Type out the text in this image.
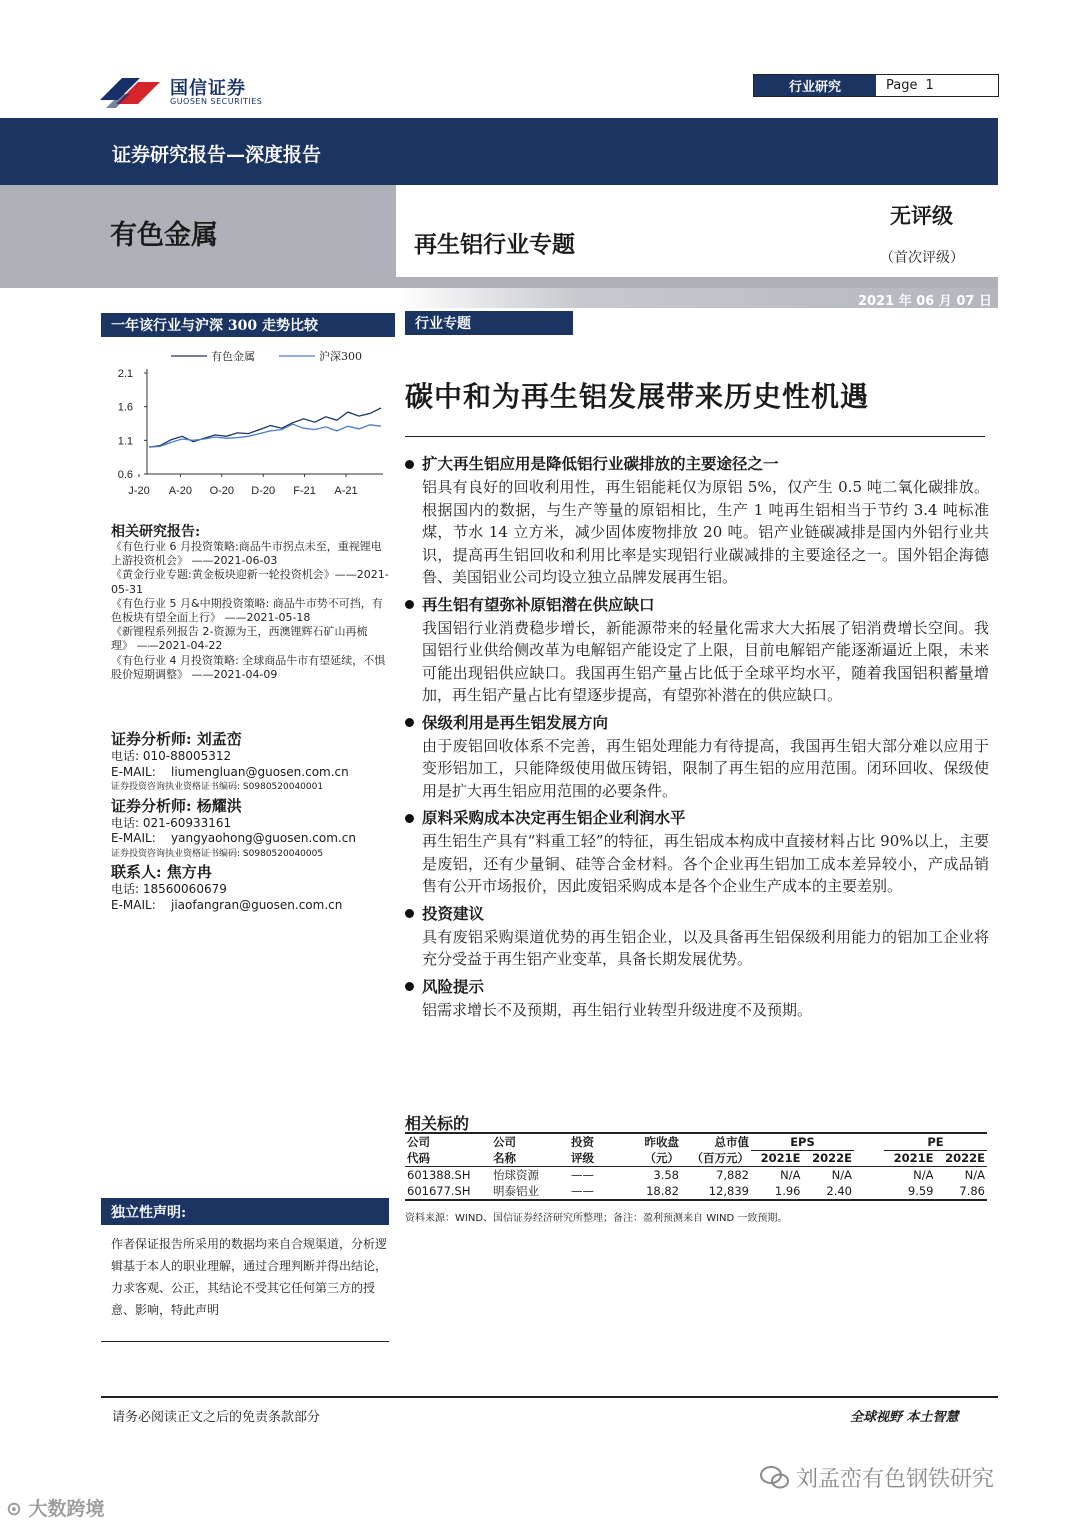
国信证券
GUOSEN SECURITIES
行业研究	Page 1
证券研究报告—深度报告
有色金属	再生铝行业专题
无评级
（首次评级）
2021 年 06 月 07 日
一年该行业与沪深 300 走势比较
2.1
1.6
1.1
0.6
J-20 A-20 O-20 D-20 F-21 A-21
有色金属	沪深300
相关研究报告:
《有色行业 6 月投资策略:商品牛市拐点未至，重视锂电上游投资机会》 ——2021-06-03
《黄金行业专题:黄金板块迎新一轮投资机会》——2021-05-31
《有色行业 5 月&中期投资策略: 商品牛市势不可挡，有色板块有望全面上行》 ——2021-05-18
《新锂程系列报告 2-资源为王，西澳锂辉石矿山再梳理》 ——2021-04-22
《有色行业 4 月投资策略: 全球商品牛市有望延续，不惧股价短期调整》 ——2021-04-09
证券分析师: 刘孟峦
电话: 010-88005312
E-MAIL: liumengluan@guosen.com.cn
证券投资咨询执业资格证书编码: S0980520040001
证券分析师: 杨耀洪
电话: 021-60933161
E-MAIL: yangyaohong@guosen.com.cn
证券投资咨询执业资格证书编码: S0980520040005
联系人: 焦方冉
电话: 18560060679
E-MAIL: jiaofangran@guosen.com.cn
独立性声明:
作者保证报告所采用的数据均来自合规渠道，分析逻辑基于本人的职业理解，通过合理判断并得出结论，力求客观、公正，其结论不受其它任何第三方的授意、影响，特此声明
行业专题
碳中和为再生铝发展带来历史性机遇
扩大再生铝应用是降低铝行业碳排放的主要途径之一
铝具有良好的回收利用性，再生铝能耗仅为原铝 5%，仅产生 0.5 吨二氧化碳排放。根据国内的数据，与生产等量的原铝相比，生产 1 吨再生铝相当于节约 3.4 吨标准煤，节水 14 立方米，减少固体废物排放 20 吨。铝产业链碳减排是国内外铝行业共识，提高再生铝回收和利用比率是实现铝行业碳减排的主要途径之一。国外铝企海德鲁、美国铝业公司均设立独立品牌发展再生铝。
再生铝有望弥补原铝潜在供应缺口
我国铝行业消费稳步增长，新能源带来的轻量化需求大大拓展了铝消费增长空间。我国铝行业供给侧改革为电解铝产能设定了上限，目前电解铝产能逐渐逼近上限，未来可能出现铝供应缺口。我国再生铝产量占比低于全球平均水平，随着我国铝积蓄量增加，再生铝产量占比有望逐步提高，有望弥补潜在的供应缺口。
保级利用是再生铝发展方向
由于废铝回收体系不完善，再生铝处理能力有待提高，我国再生铝大部分难以应用于变形铝加工，只能降级使用做压铸铝，限制了再生铝的应用范围。闭环回收、保级使用是扩大再生铝应用范围的必要条件。
原料采购成本决定再生铝企业利润水平
再生铝生产具有“料重工轻”的特征，再生铝成本构成中直接材料占比 90%以上，主要是废铝，还有少量铜、硅等合金材料。各个企业再生铝加工成本差异较小，产成品销售有公开市场报价，因此废铝采购成本是各个企业生产成本的主要差别。
投资建议
具有废铝采购渠道优势的再生铝企业，以及具备再生铝保级利用能力的铝加工企业将充分受益于再生铝产业变革，具备长期发展优势。
风险提示
铝需求增长不及预期，再生铝行业转型升级进度不及预期。
相关标的
公司	公司	投资	昨收盘	总市值	EPS			PE	
代码	名称	评级	（元）	（百万元）	2021E	2022E		2021E	2022E
601388.SH	怡球资源	——	3.58	7,882	N/A	N/A		N/A	N/A
601677.SH	明泰铝业	——	18.82	12,839	1.96	2.40		9.59	7.86
资料来源：WIND、国信证券经济研究所整理；备注：盈利预测来自 WIND 一致预期。
请务必阅读正文之后的免责条款部分	全球视野 本土智慧
刘孟峦有色钢铁研究
⊙ 大数跨境
